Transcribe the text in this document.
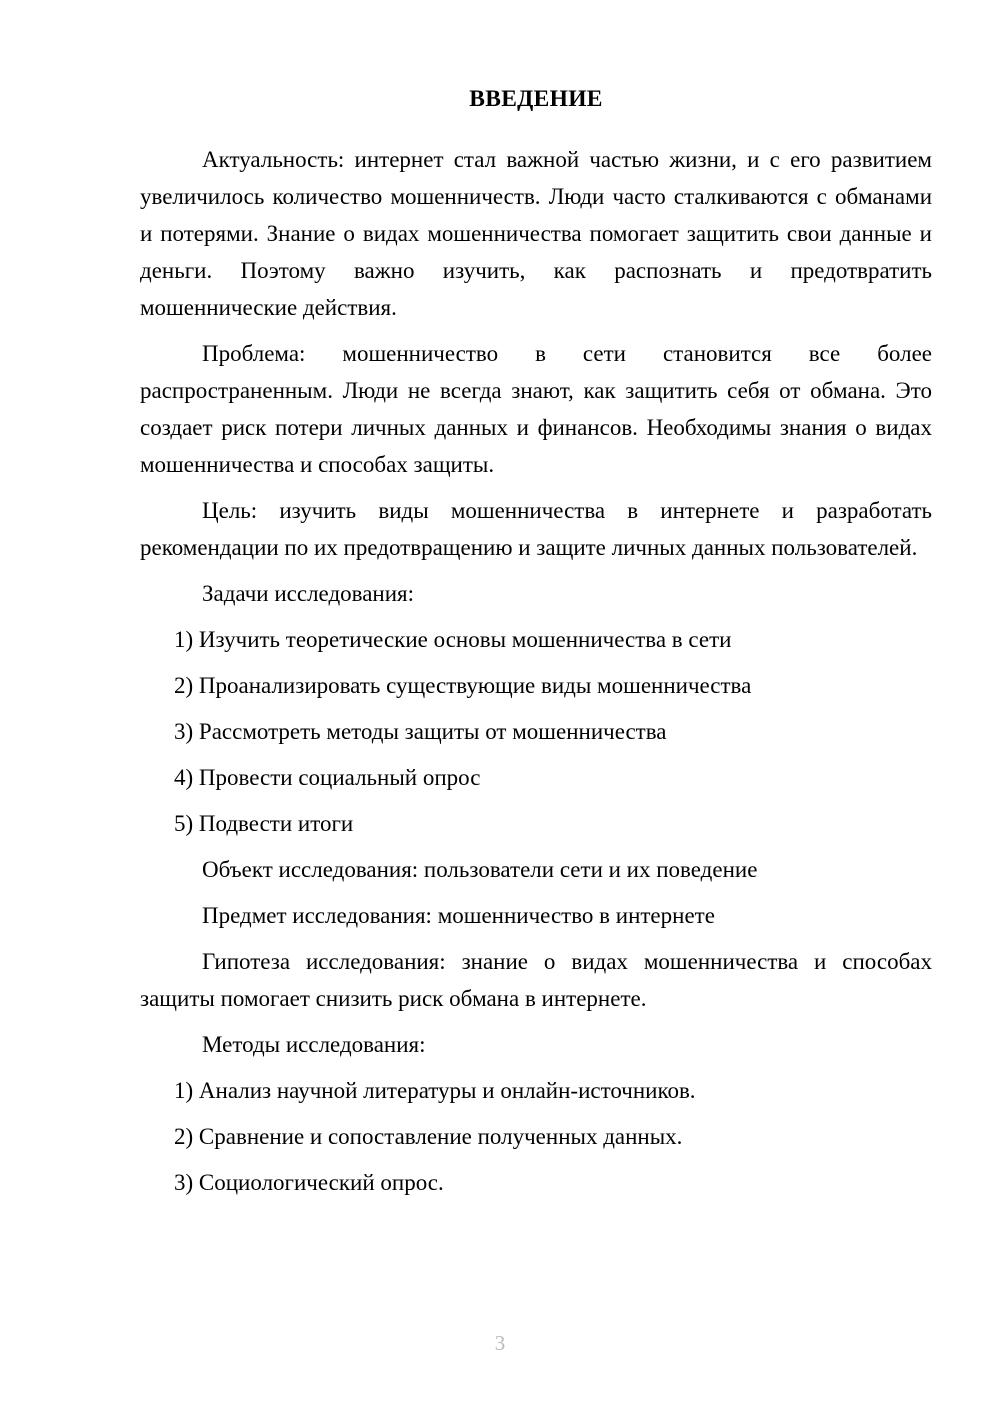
ВВЕДЕНИЕ

Актуальность: интернет стал важной частью жизни, и с его развитием увеличилось количество мошенничеств. Люди часто сталкиваются с обманами и потерями. Знание о видах мошенничества помогает защитить свои данные и деньги. Поэтому важно изучить, как распознать и предотвратить мошеннические действия.

Проблема: мошенничество в сети становится все более распространенным. Люди не всегда знают, как защитить себя от обмана. Это создает риск потери личных данных и финансов. Необходимы знания о видах мошенничества и способах защиты.

Цель: изучить виды мошенничества в интернете и разработать рекомендации по их предотвращению и защите личных данных пользователей.

Задачи исследования:

1) Изучить теоретические основы мошенничества в сети

2) Проанализировать существующие виды мошенничества

3) Рассмотреть методы защиты от мошенничества

4) Провести социальный опрос

5) Подвести итоги

Объект исследования: пользователи сети и их поведение

Предмет исследования: мошенничество в интернете

Гипотеза исследования: знание о видах мошенничества и способах защиты помогает снизить риск обмана в интернете.

Методы исследования:

1) Анализ научной литературы и онлайн-источников.

2) Сравнение и сопоставление полученных данных.

3) Социологический опрос.

3
